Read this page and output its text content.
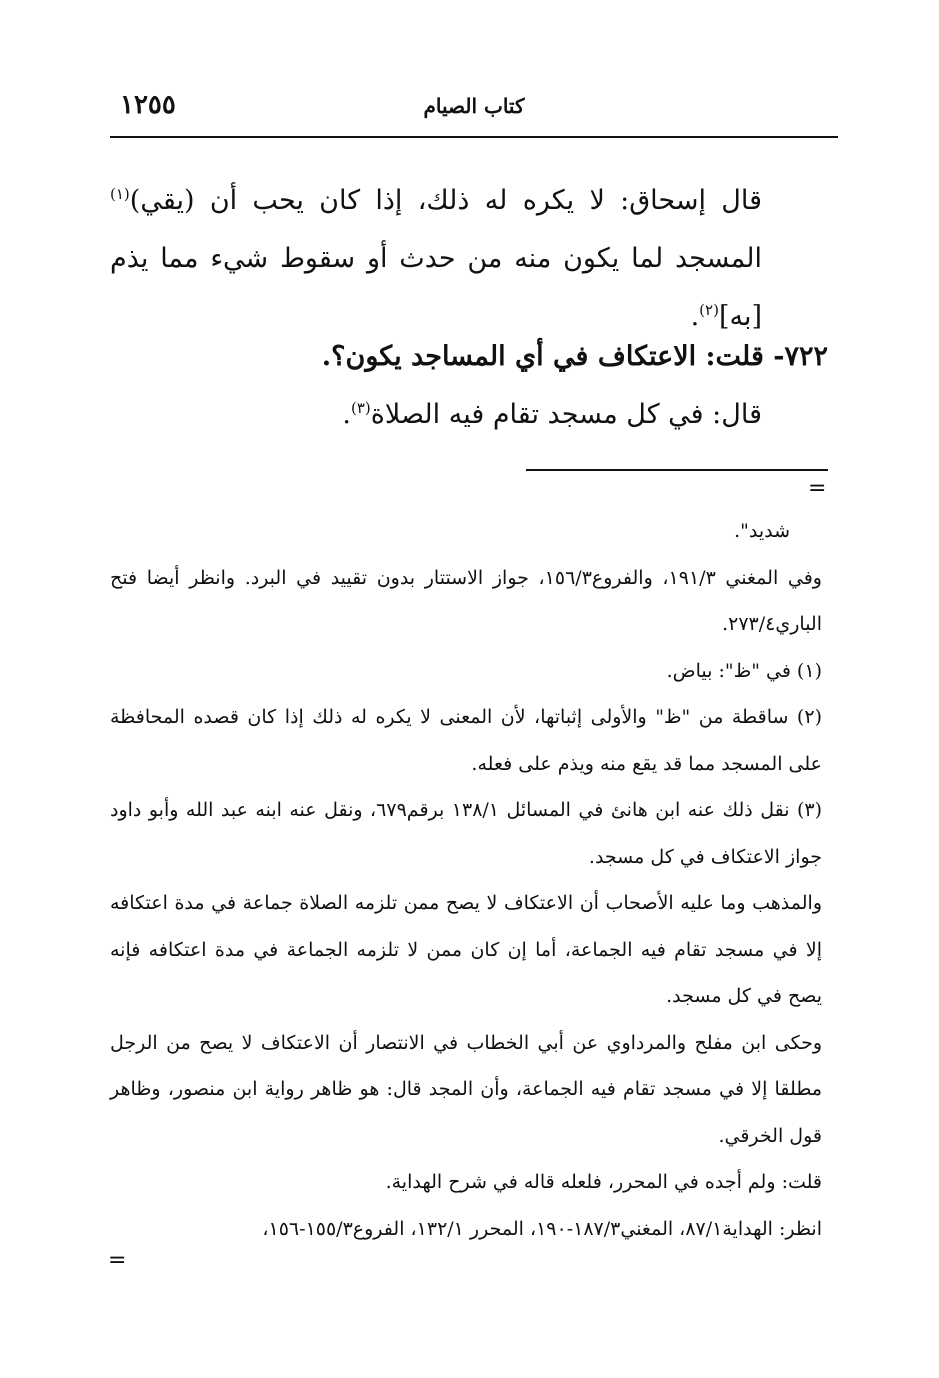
١٢٥٥	كتاب الصيام

قال إسحاق: لا يكره له ذلك، إذا كان يحب أن (يقي)$^{(١)}$ المسجد لما يكون منه من حدث أو سقوط شيء مما يذم [به]$^{(٢)}$.

٧٢٢- قلت: الاعتكاف في أي المساجد يكون؟.

قال: في كل مسجد تقام فيه الصلاة$^{(٣)}$.

=

شديد".

وفي المغني ١٩١/٣، والفروع١٥٦/٣، جواز الاستتار بدون تقييد في البرد. وانظر أيضا فتح الباري٢٧٣/٤.

(١) في "ظ": بياض.

(٢) ساقطة من "ظ" والأولى إثباتها، لأن المعنى لا يكره له ذلك إذا كان قصده المحافظة على المسجد مما قد يقع منه ويذم على فعله.

(٣) نقل ذلك عنه ابن هانئ في المسائل ١٣٨/١ برقم٦٧٩، ونقل عنه ابنه عبد الله وأبو داود جواز الاعتكاف في كل مسجد.

والمذهب وما عليه الأصحاب أن الاعتكاف لا يصح ممن تلزمه الصلاة جماعة في مدة اعتكافه إلا في مسجد تقام فيه الجماعة، أما إن كان ممن لا تلزمه الجماعة في مدة اعتكافه فإنه يصح في كل مسجد.

وحكى ابن مفلح والمرداوي عن أبي الخطاب في الانتصار أن الاعتكاف لا يصح من الرجل مطلقا إلا في مسجد تقام فيه الجماعة، وأن المجد قال: هو ظاهر رواية ابن منصور، وظاهر قول الخرقي.

قلت: ولم أجده في المحرر، فلعله قاله في شرح الهداية.

انظر: الهداية٨٧/١، المغني١٨٧/٣-١٩٠، المحرر ١٣٢/١، الفروع١٥٥/٣-١٥٦،

=
